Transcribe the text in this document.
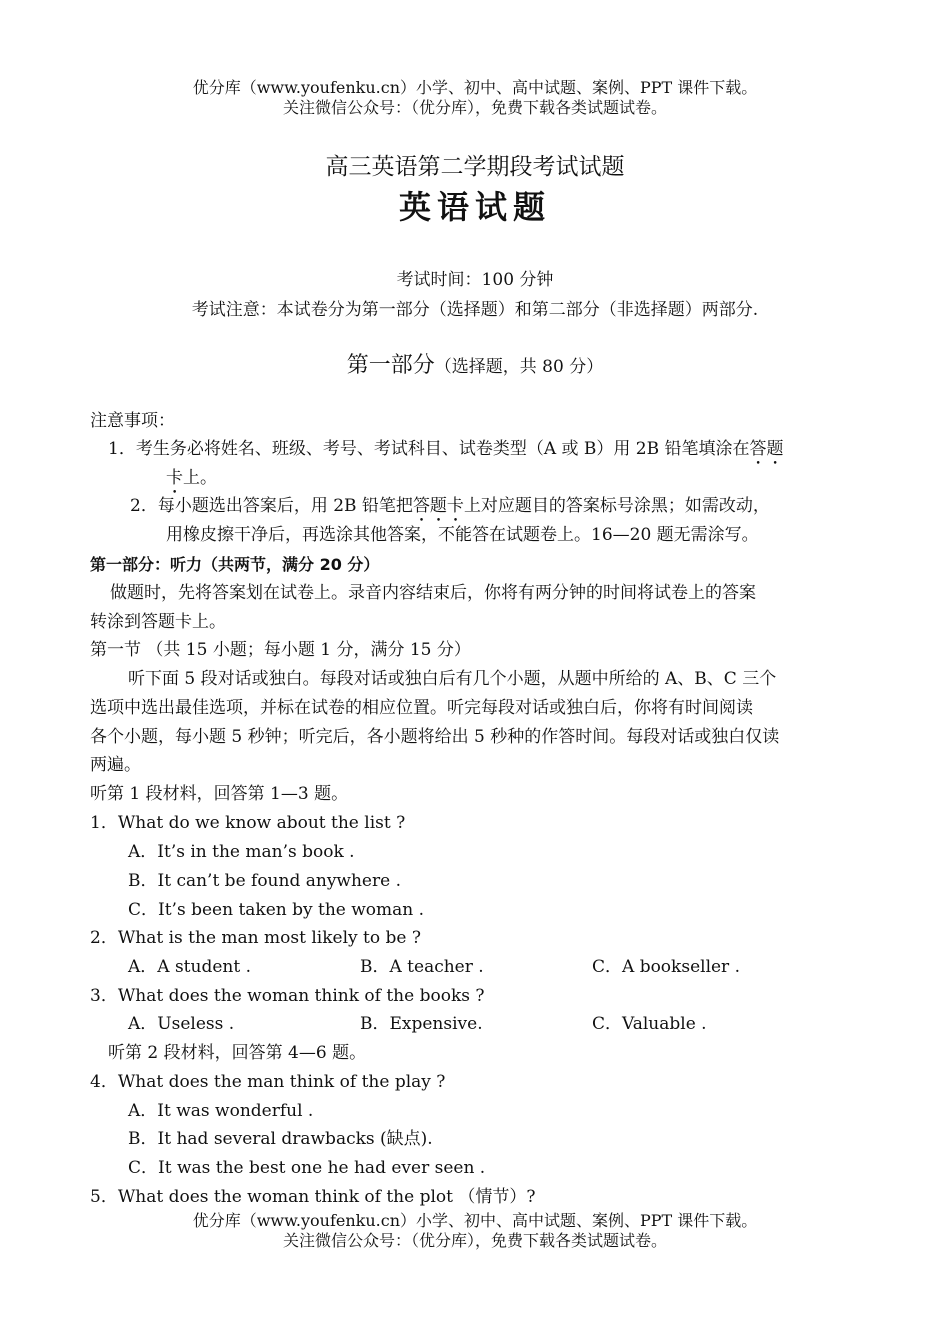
优分库（www.youfenku.cn）小学、初中、高中试题、案例、PPT 课件下载。
关注微信公众号：（优分库），免费下载各类试题试卷。
高三英语第二学期段考试试题
英语试题
考试时间：100 分钟
考试注意：本试卷分为第一部分（选择题）和第二部分（非选择题）两部分.
第一部分（选择题，共 80 分）
注意事项：
1．考生务必将姓名、班级、考号、考试科目、试卷类型（A 或 B）用 2B 铅笔填涂在答题
卡上。
2．每小题选出答案后，用 2B 铅笔把答题卡上对应题目的答案标号涂黑；如需改动，
用橡皮擦干净后，再选涂其他答案，不能答在试题卷上。16—20 题无需涂写。
第一部分：听力（共两节，满分 20 分）
做题时，先将答案划在试卷上。录音内容结束后，你将有两分钟的时间将试卷上的答案
转涂到答题卡上。
第一节 （共 15 小题；每小题 1 分，满分 15 分）
听下面 5 段对话或独白。每段对话或独白后有几个小题，从题中所给的 A、B、C 三个
选项中选出最佳选项，并标在试卷的相应位置。听完每段对话或独白后，你将有时间阅读
各个小题，每小题 5 秒钟；听完后，各小题将给出 5 秒种的作答时间。每段对话或独白仅读
两遍。
听第 1 段材料，回答第 1—3 题。
1．What do we know about the list ?
A．It’s in the man’s book .
B．It can’t be found anywhere .
C．It’s been taken by the woman .
2．What is the man most likely to be ?
A．A student .	B．A teacher .	C．A bookseller .
3．What does the woman think of the books ?
A．Useless .	B．Expensive.	C．Valuable .
听第 2 段材料，回答第 4—6 题。
4．What does the man think of the play ?
A．It was wonderful .
B．It had several drawbacks (缺点).
C．It was the best one he had ever seen .
5．What does the woman think of the plot （情节）?
优分库（www.youfenku.cn）小学、初中、高中试题、案例、PPT 课件下载。
关注微信公众号：（优分库），免费下载各类试题试卷。
